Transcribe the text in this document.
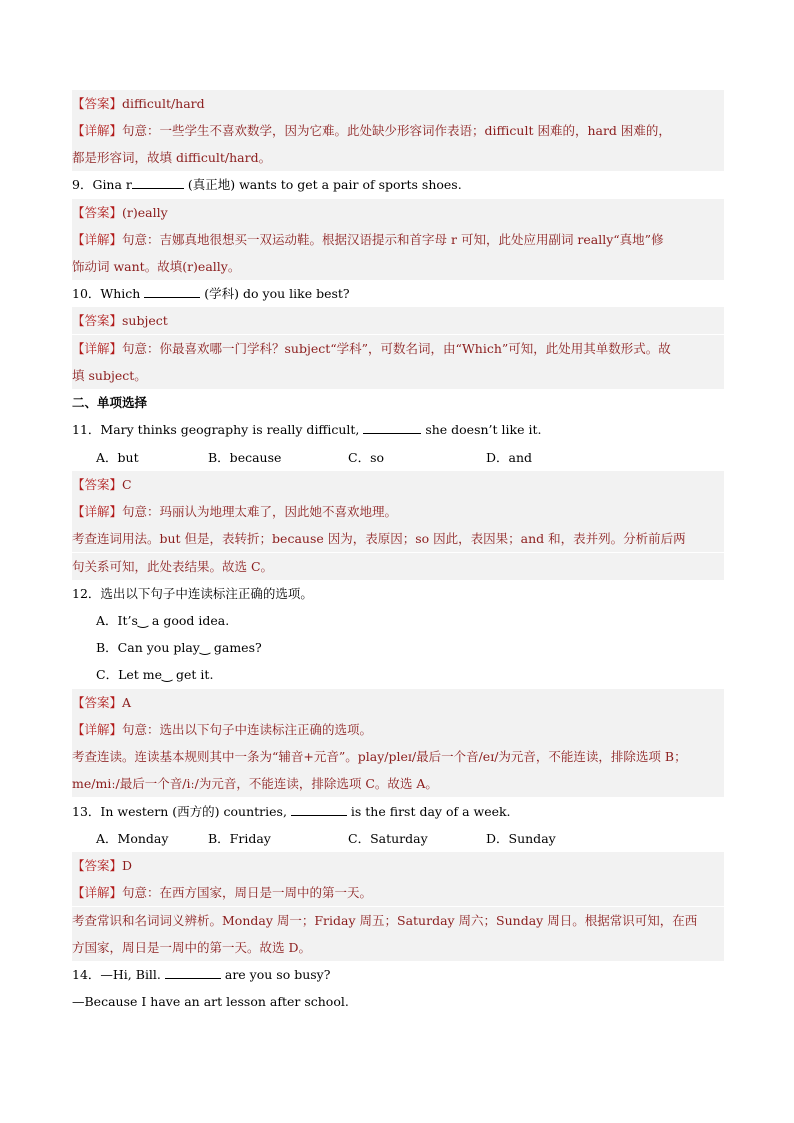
【答案】difficult/hard
【详解】句意：一些学生不喜欢数学，因为它难。此处缺少形容词作表语；difficult 困难的，hard 困难的，
都是形容词，故填 difficult/hard。
9．Gina r	(真正地) wants to get a pair of sports shoes.
【答案】(r)eally
【详解】句意：吉娜真地很想买一双运动鞋。根据汉语提示和首字母 r 可知，此处应用副词 really“真地”修
饰动词 want。故填(r)eally。
10．Which	(学科) do you like best?
【答案】subject
【详解】句意：你最喜欢哪一门学科？subject“学科”，可数名词，由“Which”可知，此处用其单数形式。故
填 subject。
二、单项选择
11．Mary thinks geography is really difficult,	she doesn’t like it.
A．but	B．because	C．so	D．and
【答案】C
【详解】句意：玛丽认为地理太难了，因此她不喜欢地理。
考查连词用法。but 但是，表转折；because 因为，表原因；so 因此，表因果；and 和，表并列。分析前后两
句关系可知，此处表结果。故选 C。
12．选出以下句子中连读标注正确的选项。
A．It’s‿ a good idea.
B．Can you play‿ games?
C．Let me‿ get it.
【答案】A
【详解】句意：选出以下句子中连读标注正确的选项。
考查连读。连读基本规则其中一条为“辅音+元音”。play/pleɪ/最后一个音/eɪ/为元音，不能连读，排除选项 B；
me/miː/最后一个音/iː/为元音，不能连读，排除选项 C。故选 A。
13．In western (西方的) countries,	is the first day of a week.
A．Monday	B．Friday	C．Saturday	D．Sunday
【答案】D
【详解】句意：在西方国家，周日是一周中的第一天。
考查常识和名词词义辨析。Monday 周一；Friday 周五；Saturday 周六；Sunday 周日。根据常识可知，在西
方国家，周日是一周中的第一天。故选 D。
14．—Hi, Bill.	are you so busy?
—Because I have an art lesson after school.
